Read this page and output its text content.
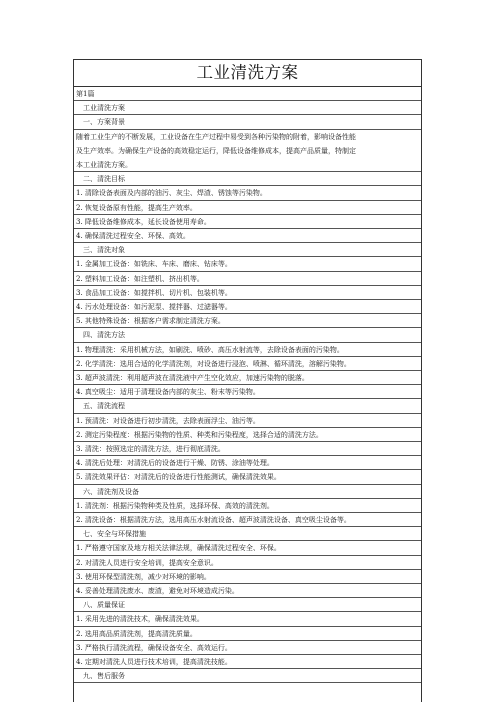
工业清洗方案
第1篇
工业清洗方案
一、方案背景
随着工业生产的不断发展，工业设备在生产过程中易受到各种污染物的附着，影响设备性能
及生产效率。为确保生产设备的高效稳定运行，降低设备维修成本，提高产品质量，特制定
本工业清洗方案。
二、清洗目标
1. 清除设备表面及内部的油污、灰尘、焊渣、锈蚀等污染物。
2. 恢复设备原有性能，提高生产效率。
3. 降低设备维修成本，延长设备使用寿命。
4. 确保清洗过程安全、环保、高效。
三、清洗对象
1. 金属加工设备：如铣床、车床、磨床、钻床等。
2. 塑料加工设备：如注塑机、挤出机等。
3. 食品加工设备：如搅拌机、切片机、包装机等。
4. 污水处理设备：如污泥泵、搅拌器、过滤器等。
5. 其他特殊设备：根据客户需求制定清洗方案。
四、清洗方法
1. 物理清洗：采用机械方法，如刷洗、喷砂、高压水射流等，去除设备表面的污染物。
2. 化学清洗：选用合适的化学清洗剂，对设备进行浸泡、喷淋、循环清洗，溶解污染物。
3. 超声波清洗：利用超声波在清洗液中产生空化效应，加速污染物的脱落。
4. 真空吸尘：适用于清理设备内部的灰尘、粉末等污染物。
五、清洗流程
1. 预清洗：对设备进行初步清洗，去除表面浮尘、油污等。
2. 测定污染程度：根据污染物的性质、种类和污染程度，选择合适的清洗方法。
3. 清洗：按照选定的清洗方法，进行彻底清洗。
4. 清洗后处理：对清洗后的设备进行干燥、防锈、涂油等处理。
5. 清洗效果评估：对清洗后的设备进行性能测试，确保清洗效果。
六、清洗剂及设备
1. 清洗剂：根据污染物种类及性质，选择环保、高效的清洗剂。
2. 清洗设备：根据清洗方法，选用高压水射流设备、超声波清洗设备、真空吸尘设备等。
七、安全与环保措施
1. 严格遵守国家及地方相关法律法规，确保清洗过程安全、环保。
2. 对清洗人员进行安全培训，提高安全意识。
3. 使用环保型清洗剂，减少对环境的影响。
4. 妥善处理清洗废水、废渣，避免对环境造成污染。
八、质量保证
1. 采用先进的清洗技术，确保清洗效果。
2. 选用高品质清洗剂，提高清洗质量。
3. 严格执行清洗流程，确保设备安全、高效运行。
4. 定期对清洗人员进行技术培训，提高清洗技能。
九、售后服务
